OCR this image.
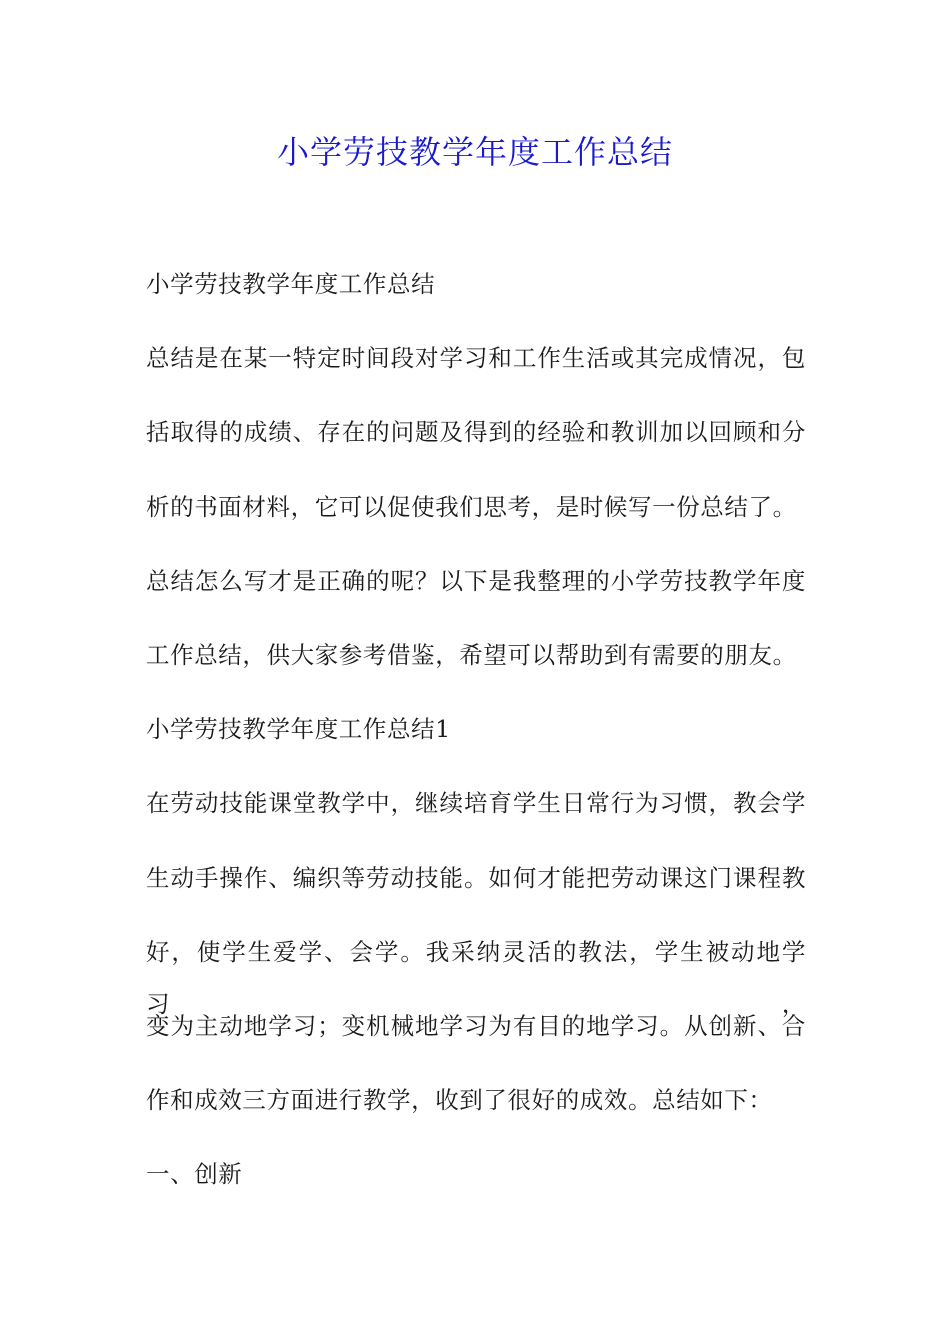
小学劳技教学年度工作总结
小学劳技教学年度工作总结
总结是在某一特定时间段对学习和工作生活或其完成情况，包
括取得的成绩、存在的问题及得到的经验和教训加以回顾和分
析的书面材料，它可以促使我们思考，是时候写一份总结了。
总结怎么写才是正确的呢？以下是我整理的小学劳技教学年度
工作总结，供大家参考借鉴，希望可以帮助到有需要的朋友。
小学劳技教学年度工作总结1
在劳动技能课堂教学中，继续培育学生日常行为习惯，教会学
生动手操作、编织等劳动技能。如何才能把劳动课这门课程教
好，使学生爱学、会学。我采纳灵活的教法，学生被动地学习，
变为主动地学习；变机械地学习为有目的地学习。从创新、合
作和成效三方面进行教学，收到了很好的成效。总结如下：
一、创新
